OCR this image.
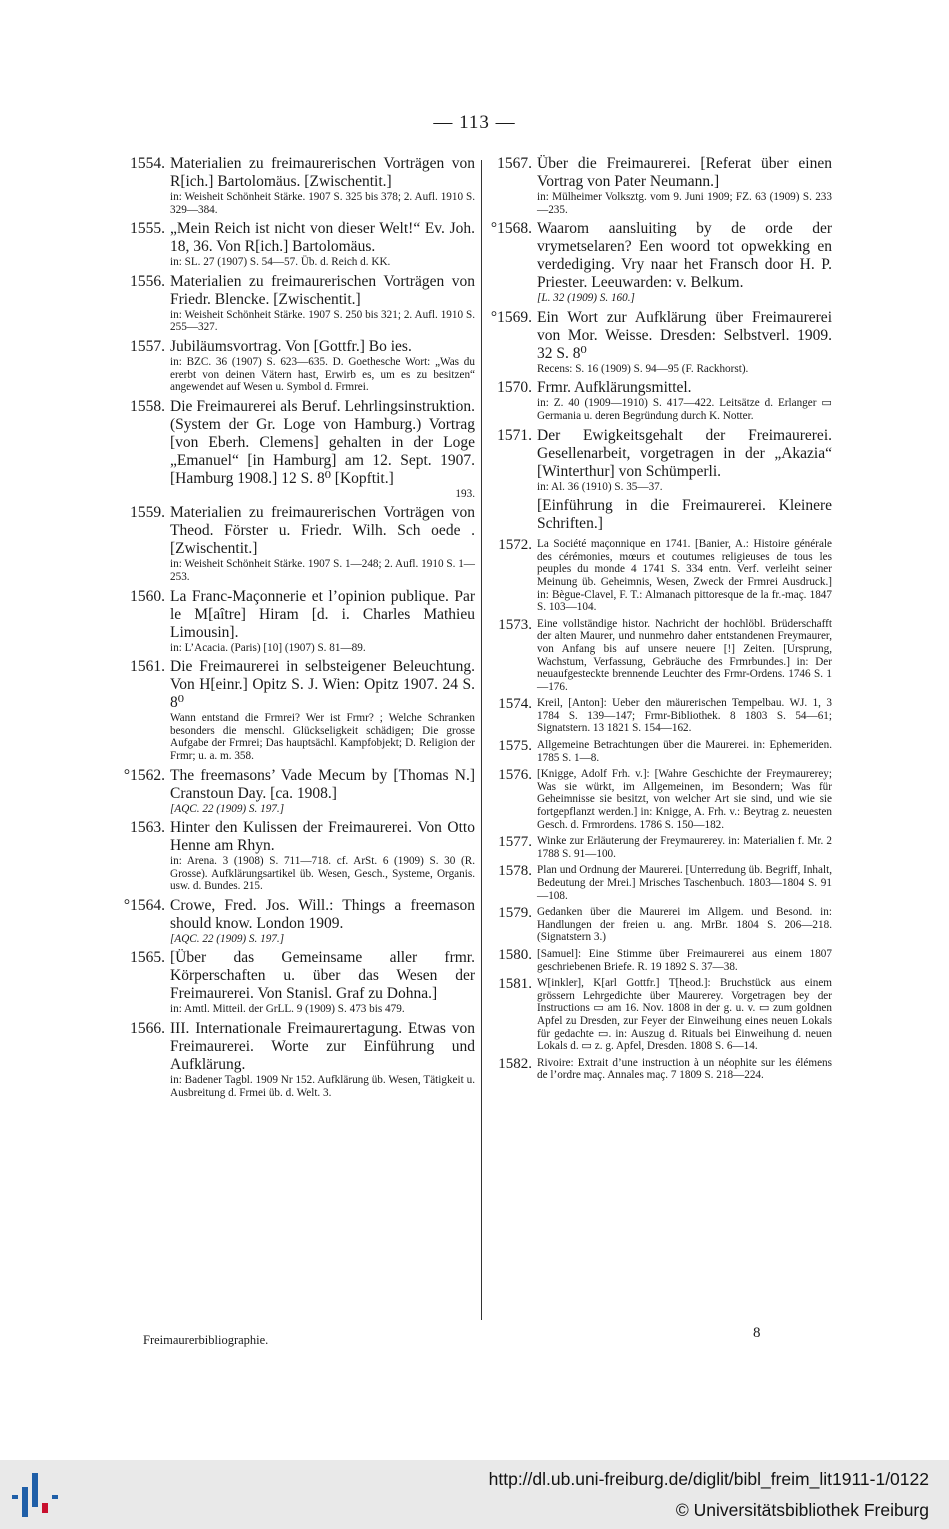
— 113 —
1554. Materialien zu freimaurerischen Vorträgen von R[ich.] Bartolomäus. [Zwischentit.]
in: Weisheit Schönheit Stärke. 1907 S. 325 bis 378; 2. Aufl. 1910 S. 329—384.
1555. „Mein Reich ist nicht von dieser Welt!“ Ev. Joh. 18, 36. Von R[ich.] Bartolomäus.
in: SL. 27 (1907) S. 54—57. Üb. d. Reich d. KK.
1556. Materialien zu freimaurerischen Vorträgen von Friedr. Blencke. [Zwischentit.]
in: Weisheit Schönheit Stärke. 1907 S. 250 bis 321; 2. Aufl. 1910 S. 255—327.
1557. Jubiläumsvortrag. Von [Gottfr.] Bo ies.
in: BZC. 36 (1907) S. 623—635. D. Goethesche Wort: „Was du ererbt von deinen Vätern hast, Erwirb es, um es zu besitzen“ angewendet auf Wesen u. Symbol d. Frmrei.
1558. Die Freimaurerei als Beruf. Lehrlingsinstruktion. (System der Gr. Loge von Hamburg.) Vortrag [von Eberh. Clemens] gehalten in der Loge „Emanuel“ [in Hamburg] am 12. Sept. 1907. [Hamburg 1908.] 12 S. 8⁰ [Kopftit.]
193.
1559. Materialien zu freimaurerischen Vorträgen von Theod. Förster u. Friedr. Wilh. Sch oede . [Zwischentit.]
in: Weisheit Schönheit Stärke. 1907 S. 1—248; 2. Aufl. 1910 S. 1—253.
1560. La Franc-Maçonnerie et l’opinion publique. Par le M[aître] Hiram [d. i. Charles Mathieu Limousin].
in: L’Acacia. (Paris) [10] (1907) S. 81—89.
1561. Die Freimaurerei in selbsteigener Beleuchtung. Von H[einr.] Opitz S. J. Wien: Opitz 1907. 24 S. 8⁰
Wann entstand die Frmrei? Wer ist Frmr? ; Welche Schranken besonders die menschl. Glückseligkeit schädigen; Die grosse Aufgabe der Frmrei; Das hauptsächl. Kampfobjekt; D. Religion der Frmr; u. a. m. 358.
°1562. The freemasons’ Vade Mecum by [Thomas N.] Cranstoun Day. [ca. 1908.]
[AQC. 22 (1909) S. 197.]
1563. Hinter den Kulissen der Freimaurerei. Von Otto Henne am Rhyn.
in: Arena. 3 (1908) S. 711—718. cf. ArSt. 6 (1909) S. 30 (R. Grosse). Aufklärungsartikel üb. Wesen, Gesch., Systeme, Organis. usw. d. Bundes. 215.
°1564. Crowe, Fred. Jos. Will.: Things a freemason should know. London 1909.
[AQC. 22 (1909) S. 197.]
1565. [Über das Gemeinsame aller frmr. Körperschaften u. über das Wesen der Freimaurerei. Von Stanisl. Graf zu Dohna.]
in: Amtl. Mitteil. der GrLL. 9 (1909) S. 473 bis 479.
1566. III. Internationale Freimaurertagung. Etwas von Freimaurerei. Worte zur Einführung und Aufklärung.
in: Badener Tagbl. 1909 Nr 152. Aufklärung üb. Wesen, Tätigkeit u. Ausbreitung d. Frmei üb. d. Welt. 3.
1567. Über die Freimaurerei. [Referat über einen Vortrag von Pater Neumann.]
in: Mülheimer Volksztg. vom 9. Juni 1909; FZ. 63 (1909) S. 233—235.
°1568. Waarom aansluiting by de orde der vrymetselaren? Een woord tot opwekking en verdediging. Vry naar het Fransch door H. P. Priester. Leeuwarden: v. Belkum.
[L. 32 (1909) S. 160.]
°1569. Ein Wort zur Aufklärung über Freimaurerei von Mor. Weisse. Dresden: Selbstverl. 1909. 32 S. 8⁰
Recens: S. 16 (1909) S. 94—95 (F. Rackhorst).
1570. Frmr. Aufklärungsmittel.
in: Z. 40 (1909—1910) S. 417—422. Leitsätze d. Erlanger ▭ Germania u. deren Begründung durch K. Notter.
1571. Der Ewigkeitsgehalt der Freimaurerei. Gesellenarbeit, vorgetragen in der „Akazia“ [Winterthur] von Schümperli.
in: Al. 36 (1910) S. 35—37.
[Einführung in die Freimaurerei. Kleinere Schriften.]
1572. La Société maçonnique en 1741. [Banier, A.: Histoire générale des cérémonies, mœurs et coutumes religieuses de tous les peuples du monde 4 1741 S. 334 entn. Verf. verleiht seiner Meinung üb. Geheimnis, Wesen, Zweck der Frmrei Ausdruck.] in: Bègue-Clavel, F. T.: Almanach pittoresque de la fr.-maç. 1847 S. 103—104.
1573. Eine vollständige histor. Nachricht der hochlöbl. Brüderschafft der alten Maurer, und nunmehro daher entstandenen Freymaurer, von Anfang bis auf unsere neuere [!] Zeiten. [Ursprung, Wachstum, Verfassung, Gebräuche des Frmrbundes.] in: Der neuaufgesteckte brennende Leuchter des Frmr-Ordens. 1746 S. 1—176.
1574. Kreil, [Anton]: Ueber den mäurerischen Tempelbau. WJ. 1, 3 1784 S. 139—147; Frmr-Bibliothek. 8 1803 S. 54—61; Signatstern. 13 1821 S. 154—162.
1575. Allgemeine Betrachtungen über die Maurerei. in: Ephemeriden. 1785 S. 1—8.
1576. [Knigge, Adolf Frh. v.]: [Wahre Geschichte der Freymaurerey; Was sie würkt, im Allgemeinen, im Besondern; Was für Geheimnisse sie besitzt, von welcher Art sie sind, und wie sie fortgepflanzt werden.] in: Knigge, A. Frh. v.: Beytrag z. neuesten Gesch. d. Frmrordens. 1786 S. 150—182.
1577. Winke zur Erläuterung der Freymaurerey. in: Materialien f. Mr. 2 1788 S. 91—100.
1578. Plan und Ordnung der Maurerei. [Unterredung üb. Begriff, Inhalt, Bedeutung der Mrei.] Mrisches Taschenbuch. 1803—1804 S. 91—108.
1579. Gedanken über die Maurerei im Allgem. und Besond. in: Handlungen der freien u. ang. MrBr. 1804 S. 206—218. (Signatstern 3.)
1580. [Samuel]: Eine Stimme über Freimaurerei aus einem 1807 geschriebenen Briefe. R. 19 1892 S. 37—38.
1581. W[inkler], K[arl Gottfr.] T[heod.]: Bruchstück aus einem grössern Lehrgedichte über Maurerey. Vorgetragen bey der Instructions ▭ am 16. Nov. 1808 in der g. u. v. ▭ zum goldnen Apfel zu Dresden, zur Feyer der Einweihung eines neuen Lokals für gedachte ▭. in: Auszug d. Rituals bei Einweihung d. neuen Lokals d. ▭ z. g. Apfel, Dresden. 1808 S. 6—14.
1582. Rivoire: Extrait d’une instruction à un néophite sur les élémens de l’ordre maç. Annales maç. 7 1809 S. 218—224.
Freimaurerbibliographie.	8
http://dl.ub.uni-freiburg.de/diglit/bibl_freim_lit1911-1/0122
© Universitätsbibliothek Freiburg
